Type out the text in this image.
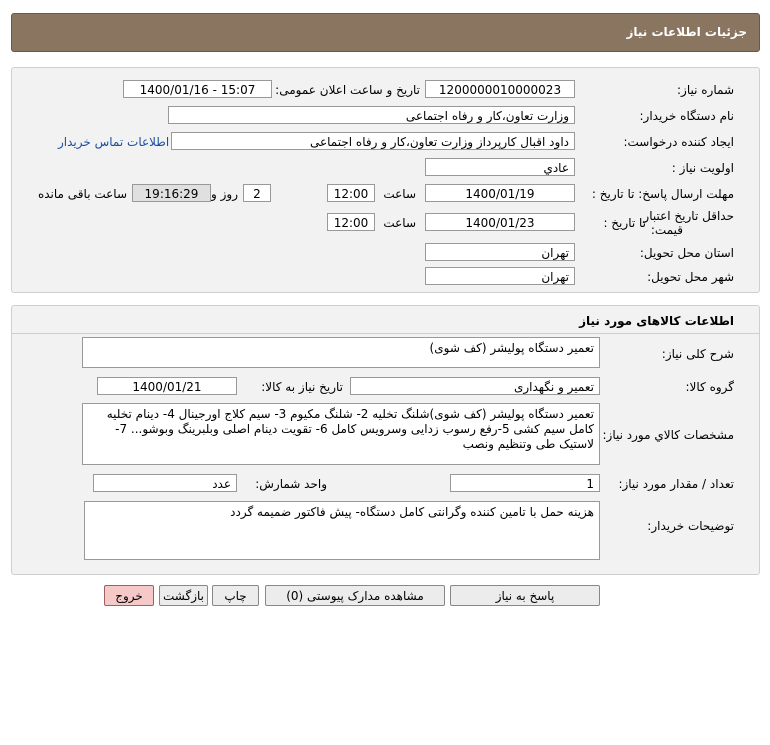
جزئیات اطلاعات نیاز
شماره نیاز:
1200000010000023
تاریخ و ساعت اعلان عمومی:
1400/01/16 - 15:07
نام دستگاه خریدار:
وزارت تعاون،کار و رفاه اجتماعی
ایجاد کننده درخواست:
داود اقبال کارپرداز وزارت تعاون،کار و رفاه اجتماعی
اطلاعات تماس خریدار
اولویت نیاز :
عادي
مهلت ارسال پاسخ: تا تاریخ :
1400/01/19
ساعت
12:00
2
روز و
19:16:29
ساعت باقی مانده
حداقل تاریخ اعتبار
قیمت:
تا تاریخ :
1400/01/23
ساعت
12:00
استان محل تحویل:
تهران
شهر محل تحویل:
تهران
اطلاعات کالاهای مورد نیاز
شرح کلی نیاز:
تعمیر دستگاه پولیشر (کف شوی)
گروه کالا:
تعمیر و نگهداری
تاریخ نیاز به کالا:
1400/01/21
مشخصات کالاي مورد نیاز:
تعمیر دستگاه پولیشر (کف شوی)شلنگ تخلیه 2- شلنگ مکیوم 3- سیم کلاج اورجینال 4- دینام تخلیه کامل سیم کشی 5-رفع رسوب زدایی وسرویس کامل 6- تقویت دینام اصلی وبلبرینگ وبوشو... 7- لاستیک طی وتنظیم ونصب
تعداد / مقدار مورد نیاز:
1
واحد شمارش:
عدد
توضیحات خریدار:
هزینه حمل با تامین کننده وگرانتی کامل دستگاه- پیش فاکتور ضمیمه گردد
پاسخ به نیاز
مشاهده مدارک پیوستی (0)
چاپ
بازگشت
خروج
